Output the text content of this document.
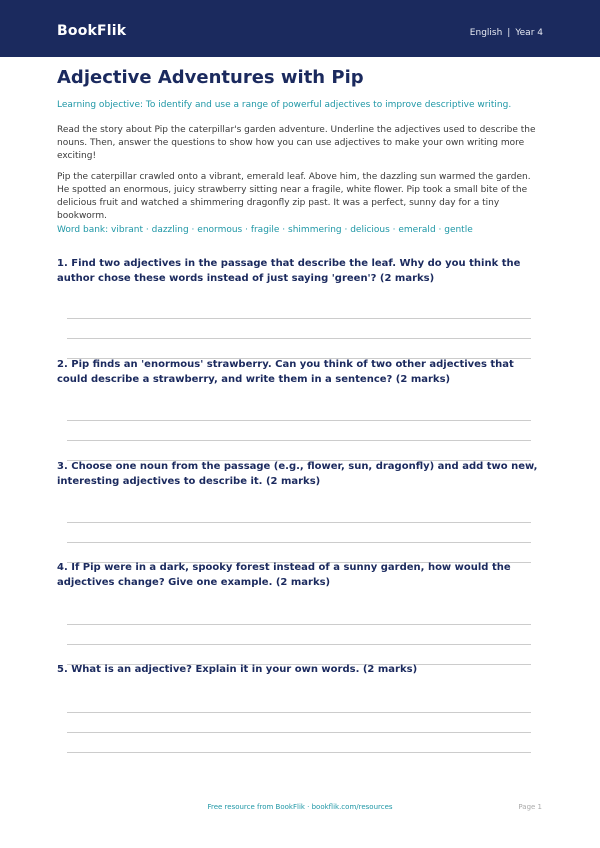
BookFlik	English | Year 4
Adjective Adventures with Pip

Learning objective: To identify and use a range of powerful adjectives to improve descriptive writing.

Read the story about Pip the caterpillar's garden adventure. Underline the adjectives used to describe the nouns. Then, answer the questions to show how you can use adjectives to make your own writing more exciting!

Pip the caterpillar crawled onto a vibrant, emerald leaf. Above him, the dazzling sun warmed the garden. He spotted an enormous, juicy strawberry sitting near a fragile, white flower. Pip took a small bite of the delicious fruit and watched a shimmering dragonfly zip past. It was a perfect, sunny day for a tiny bookworm.

Word bank: vibrant · dazzling · enormous · fragile · shimmering · delicious · emerald · gentle

1. Find two adjectives in the passage that describe the leaf. Why do you think the author chose these words instead of just saying 'green'? (2 marks)
2. Pip finds an 'enormous' strawberry. Can you think of two other adjectives that could describe a strawberry, and write them in a sentence? (2 marks)
3. Choose one noun from the passage (e.g., flower, sun, dragonfly) and add two new, interesting adjectives to describe it. (2 marks)
4. If Pip were in a dark, spooky forest instead of a sunny garden, how would the adjectives change? Give one example. (2 marks)
5. What is an adjective? Explain it in your own words. (2 marks)
Free resource from BookFlik · bookflik.com/resources	Page 1
